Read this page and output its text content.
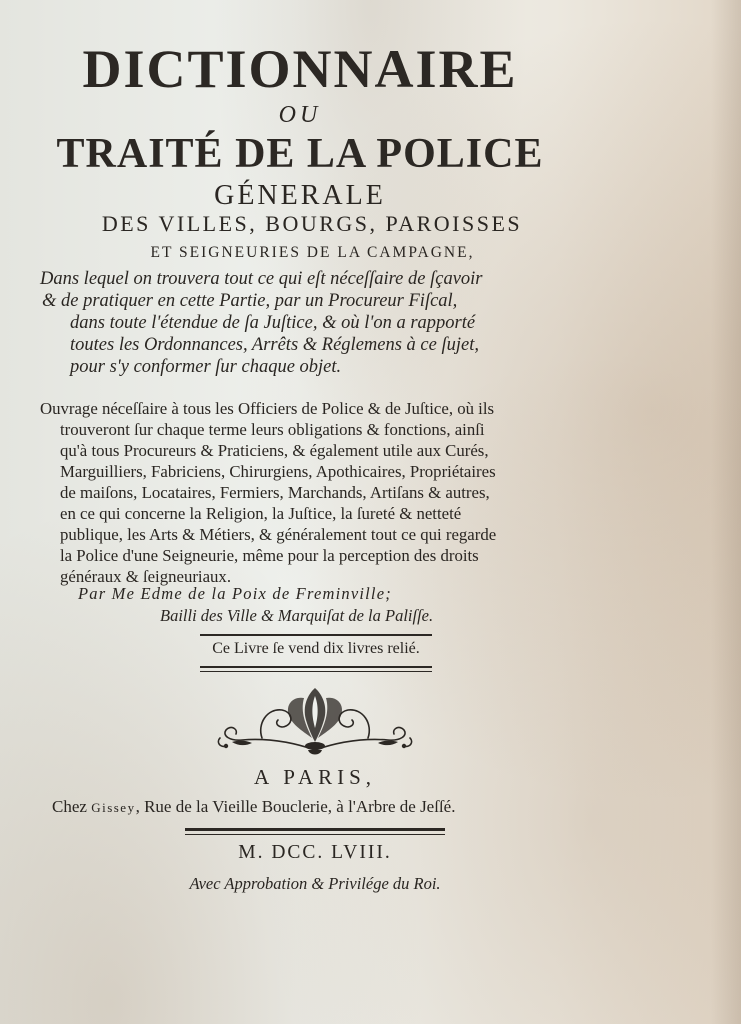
DICTIONNAIRE
OU
TRAITÉ DE LA POLICE
GÉNERALE
DES VILLES, BOURGS, PAROISSES
ET SEIGNEURIES DE LA CAMPAGNE,
Dans lequel on trouvera tout ce qui eſt néceſſaire de ſçavoir
& de pratiquer en cette Partie, par un Procureur Fiſcal,
dans toute l'étendue de ſa Juſtice, & où l'on a rapporté
toutes les Ordonnances, Arrêts & Réglemens à ce ſujet,
pour s'y conformer ſur chaque objet.
Ouvrage néceſſaire à tous les Officiers de Police & de Juſtice, où ils
trouveront ſur chaque terme leurs obligations & fonctions, ainſi
qu'à tous Procureurs & Praticiens, & également utile aux Curés,
Marguilliers, Fabriciens, Chirurgiens, Apothicaires, Propriétaires
de maiſons, Locataires, Fermiers, Marchands, Artiſans & autres,
en ce qui concerne la Religion, la Juſtice, la ſureté & netteté
publique, les Arts & Métiers, & généralement tout ce qui regarde
la Police d'une Seigneurie, même pour la perception des droits
généraux & ſeigneuriaux.
Par Me Edme de la Poix de Freminville;
Bailli des Ville & Marquiſat de la Paliſſe.
Ce Livre ſe vend dix livres relié.
A PARIS,
Chez Gissey, Rue de la Vieille Bouclerie, à l'Arbre de Jeſſé.
M. DCC. LVIII.
Avec Approbation & Privilége du Roi.
